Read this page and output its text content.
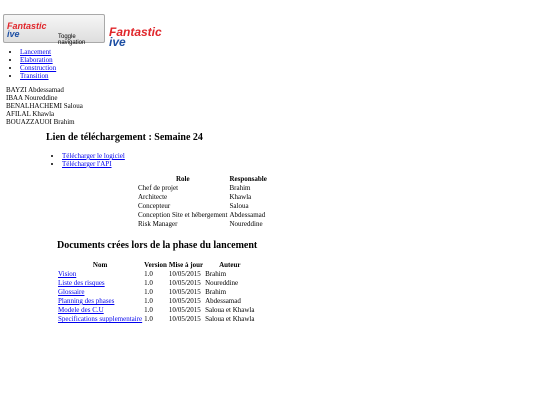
Fantastic
ive	Toggle navigation
Fantastic
ive
• Lancement
• Elaboration
• Construction
• Transition
BAYZI Abdessamad
IBAA Noureddine
BENALHACHEMI Saloua
AFILAL Khawla
BOUAZZAUOI Brahim
Lien de téléchargement : Semaine 24
• Télécharger le logiciel
• Télécharger l'API
Role	Responsable
Chef de projet	Brahim
Architecte	Khawla
Concepteur	Saloua
Conception Site et hébergement	Abdessamad
Risk Manager	Noureddine
Documents crées lors de la phase du lancement
Nom	Version	Mise à jour	Auteur
Vision	1.0	10/05/2015	Brahim
Liste des risques	1.0	10/05/2015	Noureddine
Glossaire	1.0	10/05/2015	Brahim
Planning des phases	1.0	10/05/2015	Abdessamad
Modele des C.U	1.0	10/05/2015	Saloua et Khawla
Specifications supplementaire	1.0	10/05/2015	Saloua et Khawla
